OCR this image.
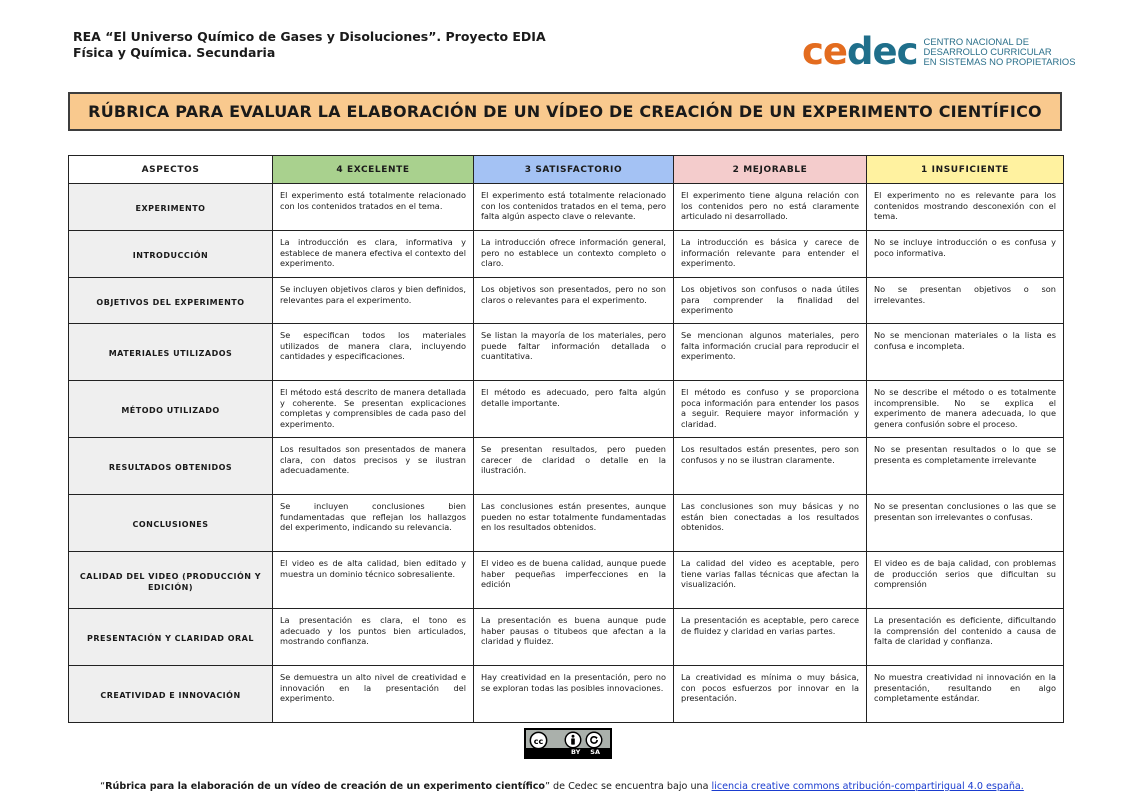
REA “El Universo Químico de Gases y Disoluciones”. Proyecto EDIA
Física y Química. Secundaria	cedec CENTRO NACIONAL DE
DESARROLLO CURRICULAR
EN SISTEMAS NO PROPIETARIOS
RÚBRICA PARA EVALUAR LA ELABORACIÓN DE UN VÍDEO DE CREACIÓN DE UN EXPERIMENTO CIENTÍFICO
ASPECTOS	4 EXCELENTE	3 SATISFACTORIO	2 MEJORABLE	1 INSUFICIENTE
EXPERIMENTO	El experimento está totalmente relacionado con los contenidos tratados en el tema.	El experimento está totalmente relacionado con los contenidos tratados en el tema, pero falta algún aspecto clave o relevante.	El experimento tiene alguna relación con los contenidos pero no está claramente articulado ni desarrollado.	El experimento no es relevante para los contenidos mostrando desconexión con el tema.
INTRODUCCIÓN	La introducción es clara, informativa y establece de manera efectiva el contexto del experimento.	La introducción ofrece información general, pero no establece un contexto completo o claro.	La introducción es básica y carece de información relevante para entender el experimento.	No se incluye introducción o es confusa y poco informativa.
OBJETIVOS DEL EXPERIMENTO	Se incluyen objetivos claros y bien definidos, relevantes para el experimento.	Los objetivos son presentados, pero no son claros o relevantes para el experimento.	Los objetivos son confusos o nada útiles para comprender la finalidad del experimento	No se presentan objetivos o son irrelevantes.
MATERIALES UTILIZADOS	Se especifican todos los materiales utilizados de manera clara, incluyendo cantidades y especificaciones.	Se listan la mayoría de los materiales, pero puede faltar información detallada o cuantitativa.	Se mencionan algunos materiales, pero falta información crucial para reproducir el experimento.	No se mencionan materiales o la lista es confusa e incompleta.
MÉTODO UTILIZADO	El método está descrito de manera detallada y coherente. Se presentan explicaciones completas y comprensibles de cada paso del experimento.	El método es adecuado, pero falta algún detalle importante.	El método es confuso y se proporciona poca información para entender los pasos a seguir. Requiere mayor información y claridad.	No se describe el método o es totalmente incomprensible. No se explica el experimento de manera adecuada, lo que genera confusión sobre el proceso.
RESULTADOS OBTENIDOS	Los resultados son presentados de manera clara, con datos precisos y se ilustran adecuadamente.	Se presentan resultados, pero pueden carecer de claridad o detalle en la ilustración.	Los resultados están presentes, pero son confusos y no se ilustran claramente.	No se presentan resultados o lo que se presenta es completamente irrelevante
CONCLUSIONES	Se incluyen conclusiones bien fundamentadas que reflejan los hallazgos del experimento, indicando su relevancia.	Las conclusiones están presentes, aunque pueden no estar totalmente fundamentadas en los resultados obtenidos.	Las conclusiones son muy básicas y no están bien conectadas a los resultados obtenidos.	No se presentan conclusiones o las que se presentan son irrelevantes o confusas.
CALIDAD DEL VIDEO (PRODUCCIÓN Y EDICIÓN)	El video es de alta calidad, bien editado y muestra un dominio técnico sobresaliente.	El video es de buena calidad, aunque puede haber pequeñas imperfecciones en la edición	La calidad del video es aceptable, pero tiene varias fallas técnicas que afectan la visualización.	El video es de baja calidad, con problemas de producción serios que dificultan su comprensión
PRESENTACIÓN Y CLARIDAD ORAL	La presentación es clara, el tono es adecuado y los puntos bien articulados, mostrando confianza.	La presentación es buena aunque pude haber pausas o titubeos que afectan a la claridad y fluidez.	La presentación es aceptable, pero carece de fluidez y claridad en varias partes.	La presentación es deficiente, dificultando la comprensión del contenido a causa de falta de claridad y confianza.
CREATIVIDAD E INNOVACIÓN	Se demuestra un alto nivel de creatividad e innovación en la presentación del experimento.	Hay creatividad en la presentación, pero no se exploran todas las posibles innovaciones.	La creatividad es mínima o muy básica, con pocos esfuerzos por innovar en la presentación.	No muestra creatividad ni innovación en la presentación, resultando en algo completamente estándar.
cc
BY SA
“Rúbrica para la elaboración de un vídeo de creación de un experimento científico” de Cedec se encuentra bajo una licencia creative commons atribución-compartirigual 4.0 españa.
